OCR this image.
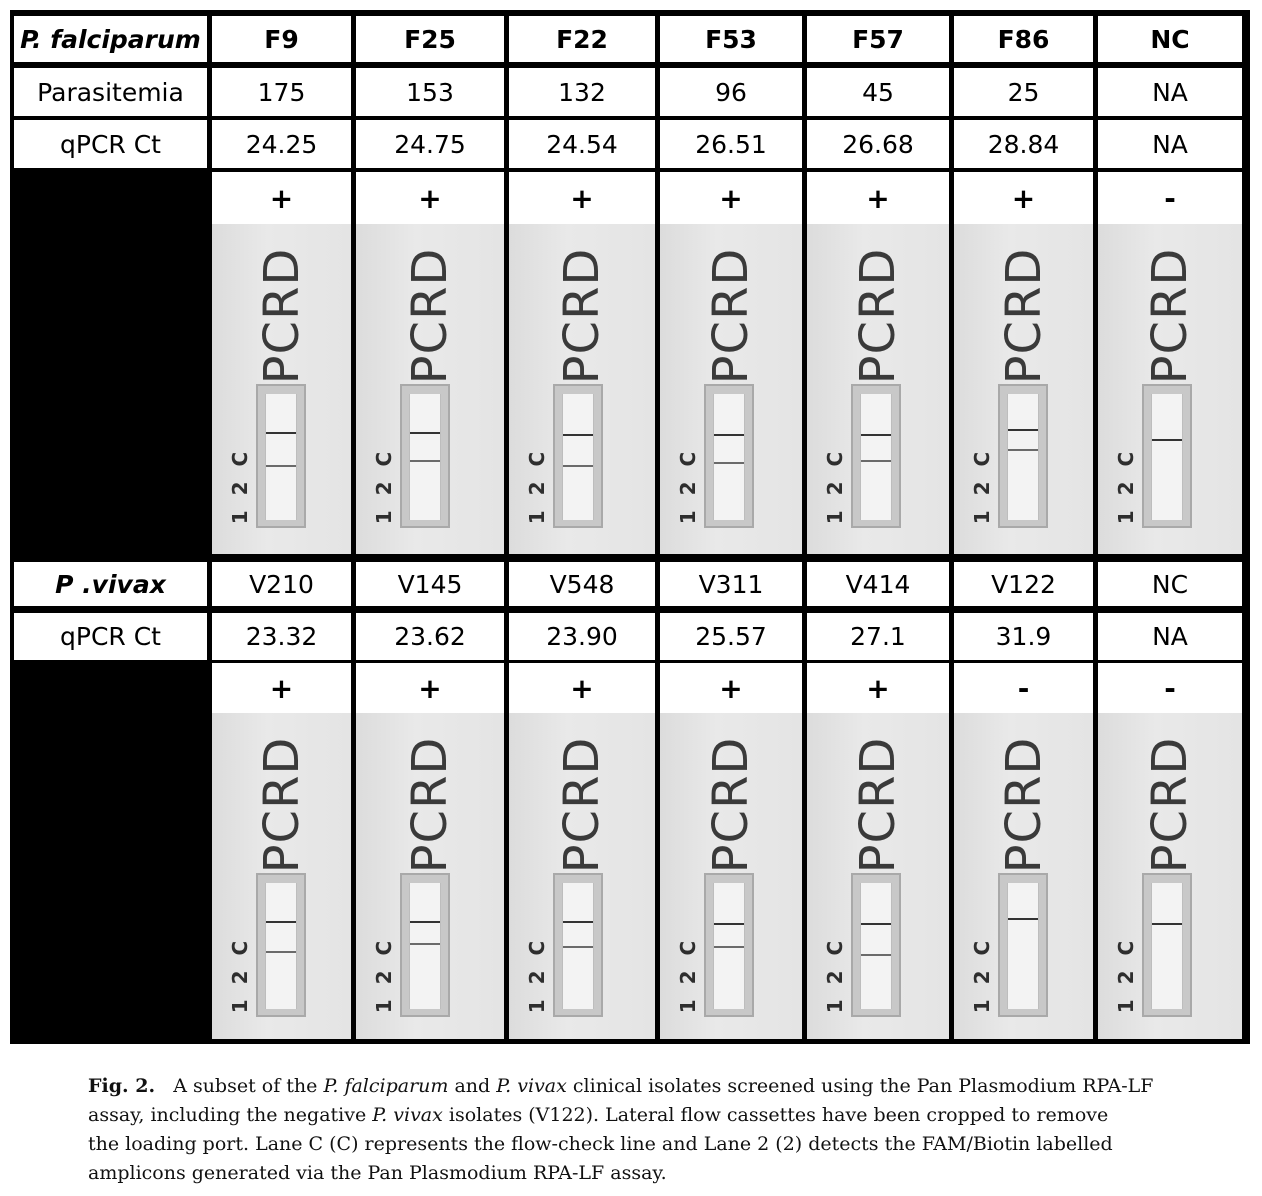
P. falciparum
Parasitemia
qPCR Ct
F9
175
24.25
+
PCRD
1 2 C
F25
153
24.75
+
PCRD
1 2 C
F22
132
24.54
+
PCRD
1 2 C
F53
96
26.51
+
PCRD
1 2 C
F57
45
26.68
+
PCRD
1 2 C
F86
25
28.84
+
PCRD
1 2 C
NC
NA
NA
-
PCRD
1 2 C
P .vivax
qPCR Ct
V210
23.32
+
PCRD
1 2 C
V145
23.62
+
PCRD
1 2 C
V548
23.90
+
PCRD
1 2 C
V311
25.57
+
PCRD
1 2 C
V414
27.1
+
PCRD
1 2 C
V122
31.9
-
PCRD
1 2 C
NC
NA
-
PCRD
1 2 C
Fig. 2. A subset of the P. falciparum and P. vivax clinical isolates screened using the Pan Plasmodium RPA-LF
assay, including the negative P. vivax isolates (V122). Lateral flow cassettes have been cropped to remove
the loading port. Lane C (C) represents the flow-check line and Lane 2 (2) detects the FAM/Biotin labelled
amplicons generated via the Pan Plasmodium RPA-LF assay.
